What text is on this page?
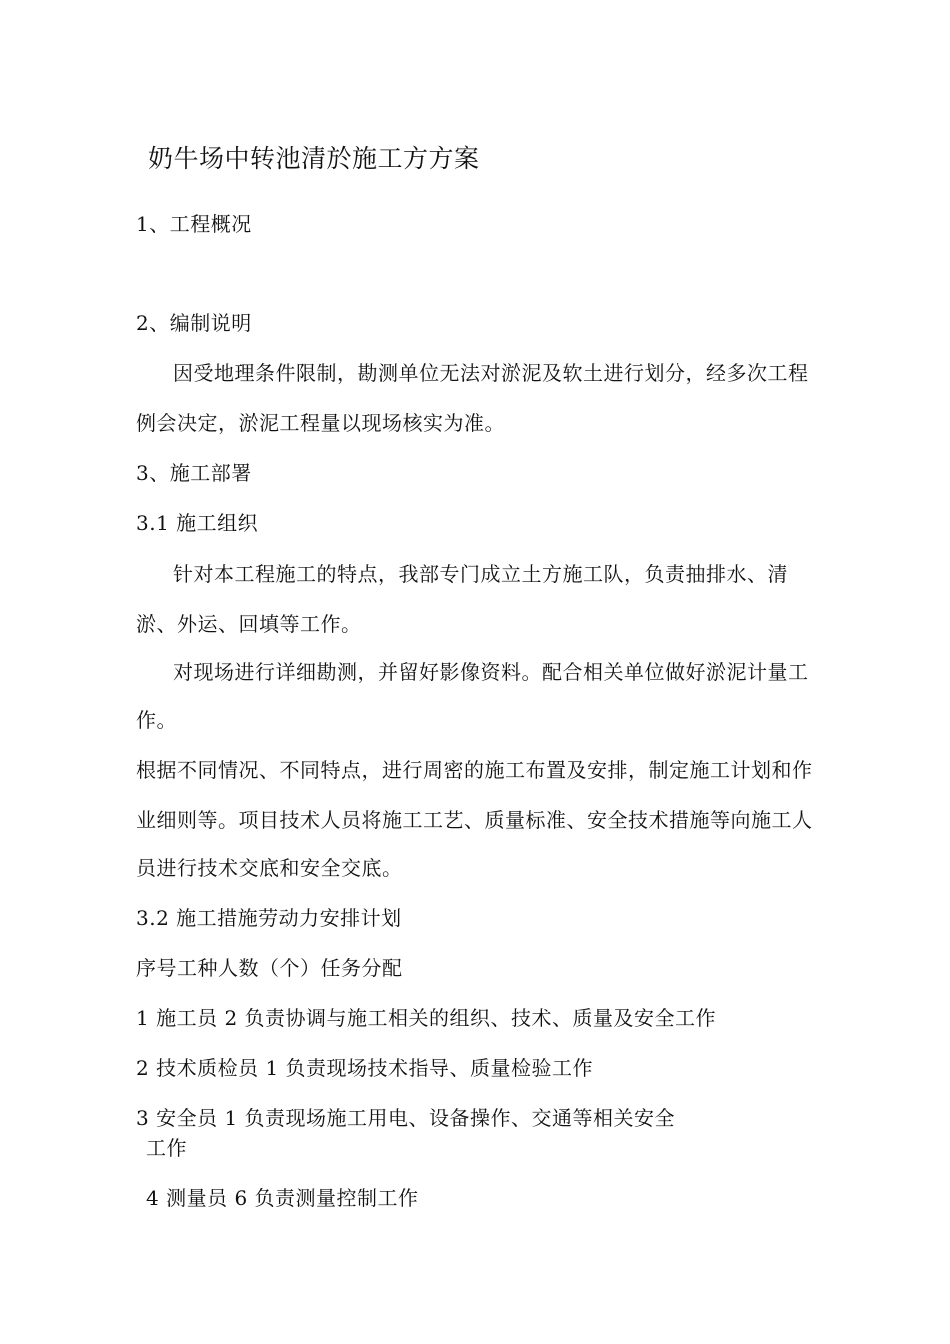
奶牛场中转池清於施工方方案
1、工程概况
2、编制说明
因受地理条件限制，勘测单位无法对淤泥及软土进行划分，经多次工程
例会决定，淤泥工程量以现场核实为准。
3、施工部署
3.1 施工组织
针对本工程施工的特点，我部专门成立土方施工队，负责抽排水、清
淤、外运、回填等工作。
对现场进行详细勘测，并留好影像资料。配合相关单位做好淤泥计量工
作。
根据不同情况、不同特点，进行周密的施工布置及安排，制定施工计划和作
业细则等。项目技术人员将施工工艺、质量标准、安全技术措施等向施工人
员进行技术交底和安全交底。
3.2 施工措施劳动力安排计划
序号工种人数（个）任务分配
1 施工员 2 负责协调与施工相关的组织、技术、质量及安全工作
2 技术质检员 1 负责现场技术指导、质量检验工作
3 安全员 1 负责现场施工用电、设备操作、交通等相关安全
工作
4 测量员 6 负责测量控制工作
